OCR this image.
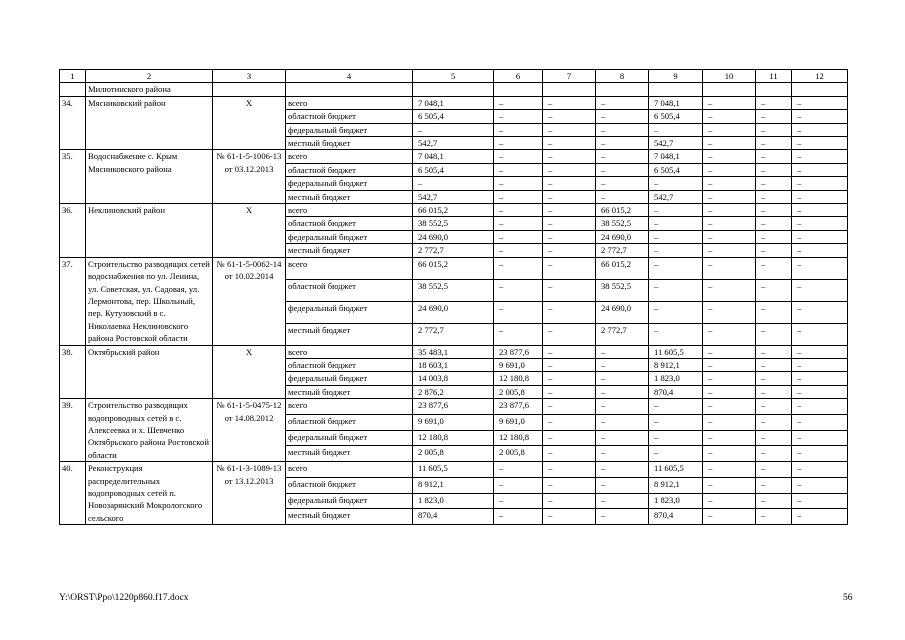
1	2	3	4	5	6	7	8	9	10	11	12
	Милютинского района										
34.	Мясниковский район	Х	всего	7 048,1	–	–	–	7 048,1	–	–	–
			областной бюджет	6 505,4	–	–	–	6 505,4	–	–	–
			федеральный бюджет	–	–	–	–	–	–	–	–
			местный бюджет	542,7	–	–	–	542,7	–	–	–
35.	Водоснабжение с. Крым Мясниковского района	№ 61-1-5-1006-13 от 03.12.2013	всего	7 048,1	–	–	–	7 048,1	–	–	–
			областной бюджет	6 505,4	–	–	–	6 505,4	–	–	–
			федеральный бюджет	–	–	–	–	–	–	–	–
			местный бюджет	542,7	–	–	–	542,7	–	–	–
36.	Неклиновский район	Х	всего	66 015,2	–	–	66 015,2	–	–	–	–
			областной бюджет	38 552,5	–	–	38 552,5	–	–	–	–
			федеральный бюджет	24 690,0	–	–	24 690,0	–	–	–	–
			местный бюджет	2 772,7	–	–	2 772,7	–	–	–	–
37.	Строительство разводящих сетей водоснабжения по ул. Ленина, ул. Советская, ул. Садовая, ул. Лермонтова, пер. Школьный, пер. Кутузовский в с. Николаевка Неклиновского района Ростовской области	№ 61-1-5-0062-14 от 10.02.2014	всего	66 015,2	–	–	66 015,2	–	–	–	–
			областной бюджет	38 552,5	–	–	38 552,5	–	–	–	–
			федеральный бюджет	24 690,0	–	–	24 690,0	–	–	–	–
			местный бюджет	2 772,7	–	–	2 772,7	–	–	–	–
38.	Октябрьский район	Х	всего	35 483,1	23 877,6	–	–	11 605,5	–	–	–
			областной бюджет	18 603,1	9 691,0	–	–	8 912,1	–	–	–
			федеральный бюджет	14 003,8	12 180,8	–	–	1 823,0	–	–	–
			местный бюджет	2 876,2	2 005,8	–	–	870,4	–	–	–
39.	Строительство разводящих водопроводных сетей в с. Алексеевка и х. Шевченко Октябрьского района Ростовской области	№ 61-1-5-0475-12 от 14.08.2012	всего	23 877,6	23 877,6	–	–	–	–	–	–
			областной бюджет	9 691,0	9 691,0	–	–	–	–	–	–
			федеральный бюджет	12 180,8	12 180,8	–	–	–	–	–	–
			местный бюджет	2 005,8	2 005,8	–	–	–	–	–	–
40.	Реконструкция распределительных водопроводных сетей п. Новозарянский Мокрологского сельского	№ 61-1-3-1089-13 от 13.12.2013	всего	11 605,5	–	–	–	11 605,5	–	–	–
			областной бюджет	8 912,1	–	–	–	8 912,1	–	–	–
			федеральный бюджет	1 823,0	–	–	–	1 823,0	–	–	–
			местный бюджет	870,4	–	–	–	870,4	–	–	–
Y:\ORST\Ppo\1220p860.f17.docx	56
